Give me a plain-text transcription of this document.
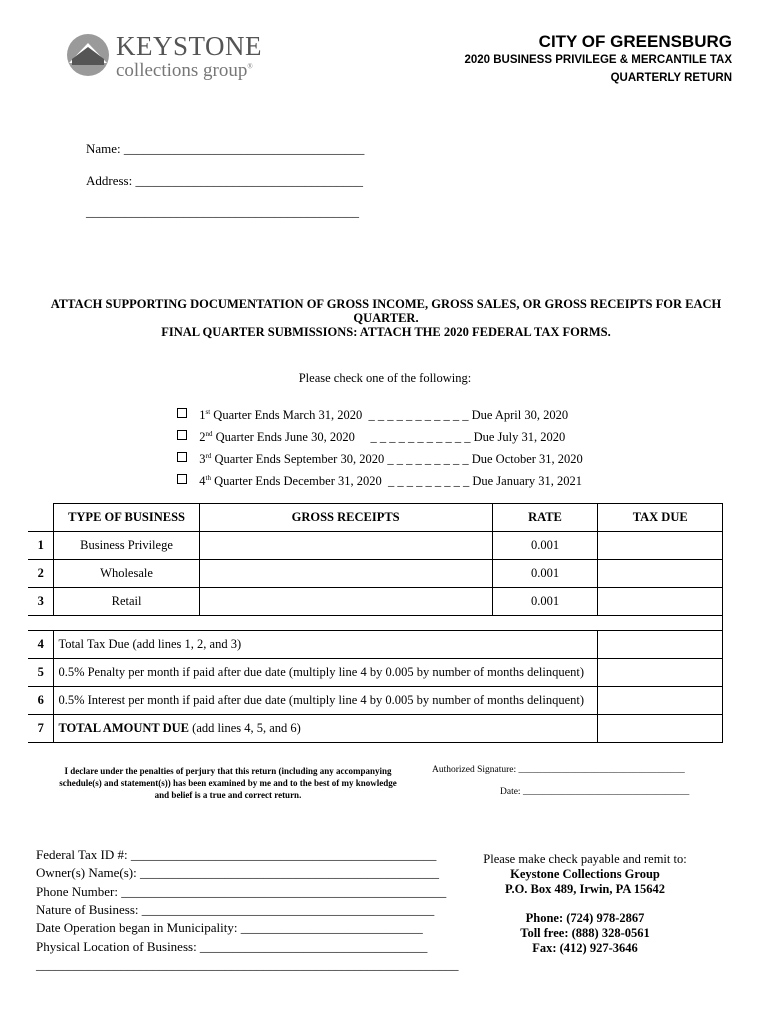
KEYSTONE
collections group®
CITY OF GREENSBURG
2020 BUSINESS PRIVILEGE & MERCANTILE TAX
QUARTERLY RETURN
Name: _____________________________________
Address: ___________________________________
__________________________________________
ATTACH SUPPORTING DOCUMENTATION OF GROSS INCOME, GROSS SALES, OR GROSS RECEIPTS FOR EACH
QUARTER.
FINAL QUARTER SUBMISSIONS: ATTACH THE 2020 FEDERAL TAX FORMS.
Please check one of the following:

1st Quarter Ends March 31, 2020  _ _ _ _ _ _ _ _ _ _ _ Due April 30, 2020

2nd Quarter Ends June 30, 2020     _ _ _ _ _ _ _ _ _ _ _ Due July 31, 2020

3rd Quarter Ends September 30, 2020 _ _ _ _ _ _ _ _ _ Due October 31, 2020

4th Quarter Ends December 31, 2020  _ _ _ _ _ _ _ _ _ Due January 31, 2021

	TYPE OF BUSINESS	GROSS RECEIPTS	RATE	TAX DUE
1	Business Privilege		0.001	
2	Wholesale		0.001	
3	Retail		0.001	

4	Total Tax Due (add lines 1, 2, and 3)			
5	0.5% Penalty per month if paid after due date (multiply line 4 by 0.005 by number of months delinquent)			
6	0.5% Interest per month if paid after due date (multiply line 4 by 0.005 by number of months delinquent)			
7	TOTAL AMOUNT DUE (add lines 4, 5, and 6)			
I declare under the penalties of perjury that this return (including any accompanying
schedule(s) and statement(s)) has been examined by me and to the best of my knowledge
and belief is a true and correct return.
Authorized Signature: ___________________________________
Date: ___________________________________
Federal Tax ID #: _______________________________________________
Owner(s) Name(s): ______________________________________________
Phone Number: __________________________________________________
Nature of Business: _____________________________________________
Date Operation began in Municipality: ____________________________
Physical Location of Business: ___________________________________
_________________________________________________________________
Please make check payable and remit to:
Keystone Collections Group
P.O. Box 489, Irwin, PA 15642
Phone: (724) 978-2867
Toll free: (888) 328-0561
Fax: (412) 927-3646
